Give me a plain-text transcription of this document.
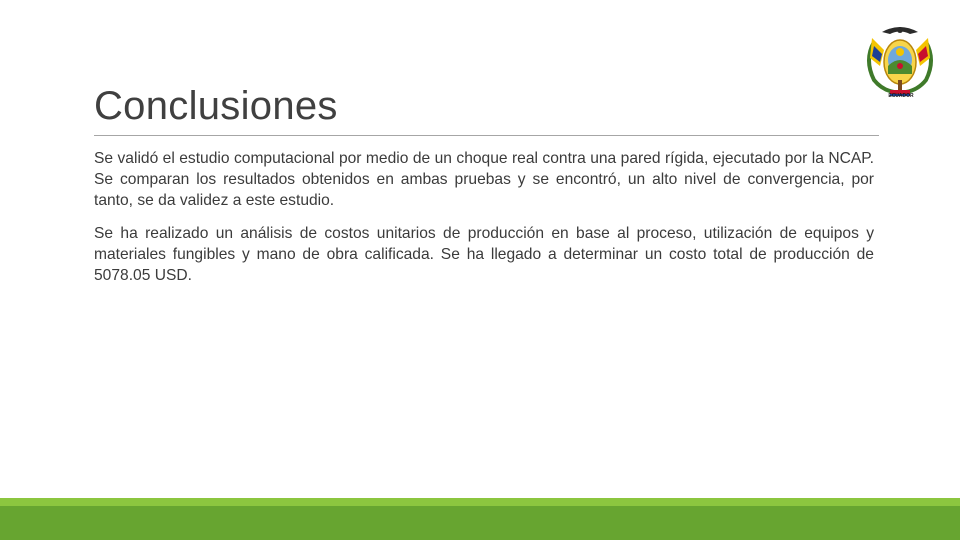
ECUADOR
Conclusiones

Se validó el estudio computacional por medio de un choque real contra una pared rígida, ejecutado por la NCAP. Se comparan los resultados obtenidos en ambas pruebas y se encontró, un alto nivel de convergencia, por tanto, se da validez a este estudio.

Se ha realizado un análisis de costos unitarios de producción en base al proceso, utilización de equipos y materiales fungibles y mano de obra calificada. Se ha llegado a determinar un costo total de producción de 5078.05 USD.
